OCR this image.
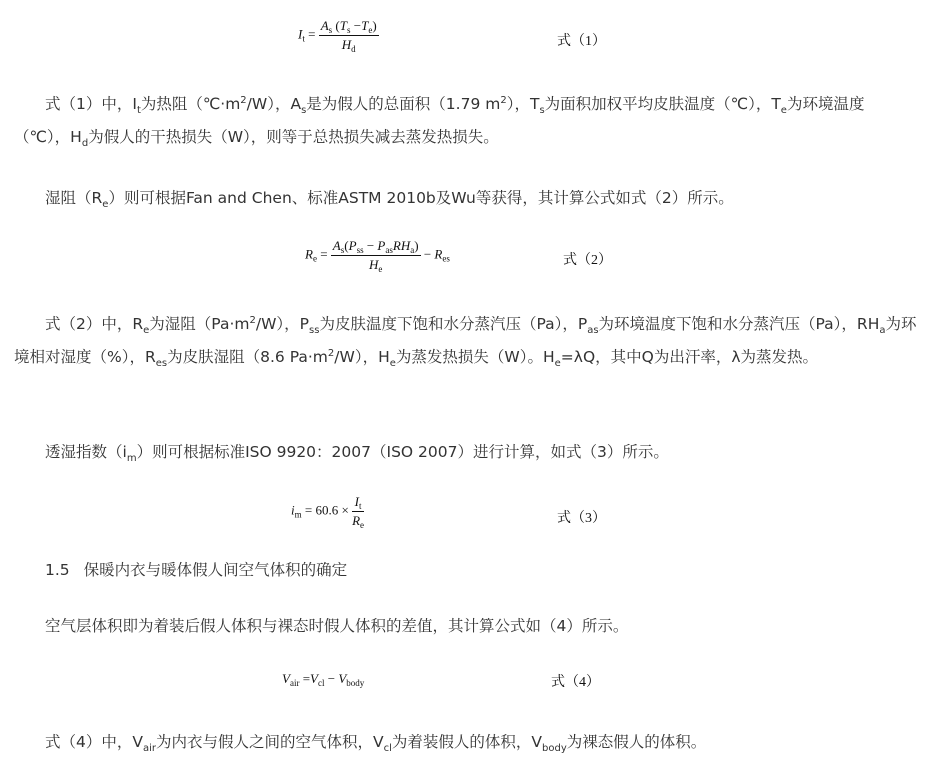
$I_t = \frac{A_s (T_s -T_e)}{H_d}$	式（1）

式（1）中，$I_t$为热阻$(℃\cdot m^2/W)$，$A_s$是为假人的总面积（1.79 $m^2$），$T_s$为面积加权平均皮肤温度（℃），$T_e$为环境温度（℃），$H_d$为假人的干热损失（W），则等于总热损失减去蒸发热损失。

湿阻$(R_e)$则可根据Fan and Chen、标准ASTM 2010b及Wu等获得，其计算公式如式（2）所示。

$R_e = \frac{A_s(P_{ss} - P_{as}RH_a)}{H_e} - R_{es}$	式（2）

式（2）中，$R_e$为湿阻$(Pa\cdot m^2/W)$，$P_{ss}$为皮肤温度下饱和水分蒸汽压（Pa），$P_{as}$为环境温度下饱和水分蒸汽压（Pa），$RH_a$为环境相对湿度（%），$R_{es}$为皮肤湿阻（8.6 $Pa\cdot m^2/W$），$H_e$为蒸发热损失（W）。$H_e=\lambda Q$，其中Q为出汗率，λ为蒸发热。

透湿指数$(i_m)$则可根据标准ISO 9920：2007（ISO 2007）进行计算，如式（3）所示。

$i_m = 60.6 \times \frac{I_t}{R_e}$	式（3）
1.5 保暖内衣与暖体假人间空气体积的确定

空气层体积即为着装后假人体积与裸态时假人体积的差值，其计算公式如（4）所示。

$V_{air} =V_{cl} - V_{body}$	式（4）

式（4）中，$V_{air}$为内衣与假人之间的空气体积，$V_{cl}$为着装假人的体积，$V_{body}$为裸态假人的体积。
